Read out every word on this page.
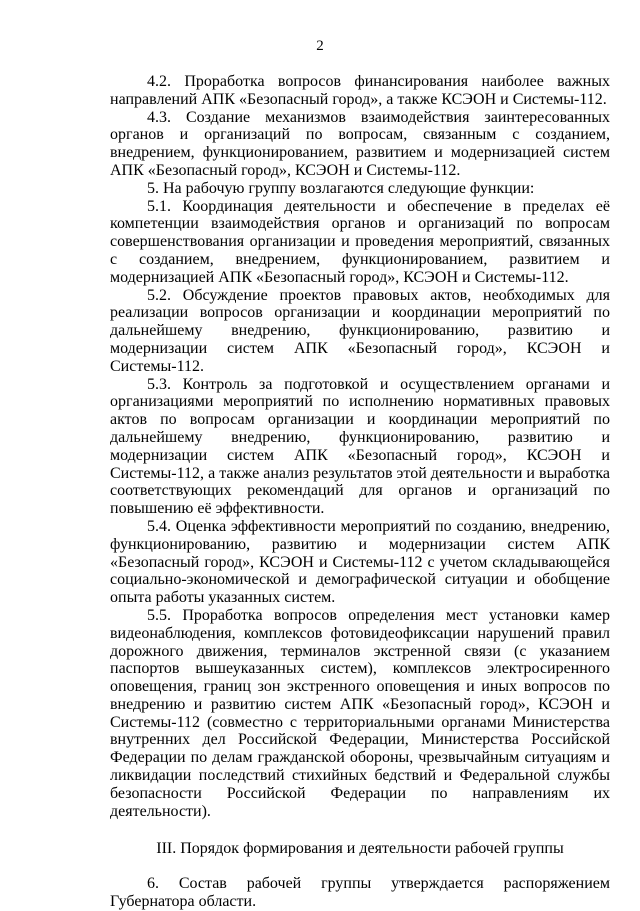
2

4.2. Проработка вопросов финансирования наиболее важных направлений АПК «Безопасный город», а также КСЭОН и Системы-112.

4.3. Создание механизмов взаимодействия заинтересованных органов и организаций по вопросам, связанным с созданием, внедрением, функционированием, развитием и модернизацией систем АПК «Безопасный город», КСЭОН и Системы-112.

5. На рабочую группу возлагаются следующие функции:

5.1. Координация деятельности и обеспечение в пределах её компетенции взаимодействия органов и организаций по вопросам совершенствования организации и проведения мероприятий, связанных с созданием, внедрением, функционированием, развитием и модернизацией АПК «Безопасный город», КСЭОН и Системы-112.

5.2. Обсуждение проектов правовых актов, необходимых для реализации вопросов организации и координации мероприятий по дальнейшему внедрению, функционированию, развитию и модернизации систем АПК «Безопасный город», КСЭОН и Системы-112.

5.3. Контроль за подготовкой и осуществлением органами и организациями мероприятий по исполнению нормативных правовых актов по вопросам организации и координации мероприятий по дальнейшему внедрению, функционированию, развитию и модернизации систем АПК «Безопасный город», КСЭОН и Системы-112, а также анализ результатов этой деятельности и выработка соответствующих рекомендаций для органов и организаций по повышению её эффективности.

5.4. Оценка эффективности мероприятий по созданию, внедрению, функционированию, развитию и модернизации систем АПК «Безопасный город», КСЭОН и Системы-112 с учетом складывающейся социально-экономической и демографической ситуации и обобщение опыта работы указанных систем.

5.5. Проработка вопросов определения мест установки камер видеонаблюдения, комплексов фотовидеофиксации нарушений правил дорожного движения, терминалов экстренной связи (с указанием паспортов вышеуказанных систем), комплексов электросиренного оповещения, границ зон экстренного оповещения и иных вопросов по внедрению и развитию систем АПК «Безопасный город», КСЭОН и Системы-112 (совместно с территориальными органами Министерства внутренних дел Российской Федерации, Министерства Российской Федерации по делам гражданской обороны, чрезвычайным ситуациям и ликвидации последствий стихийных бедствий и Федеральной службы безопасности Российской Федерации по направлениям их деятельности).

III. Порядок формирования и деятельности рабочей группы

6. Состав рабочей группы утверждается распоряжением Губернатора области.
